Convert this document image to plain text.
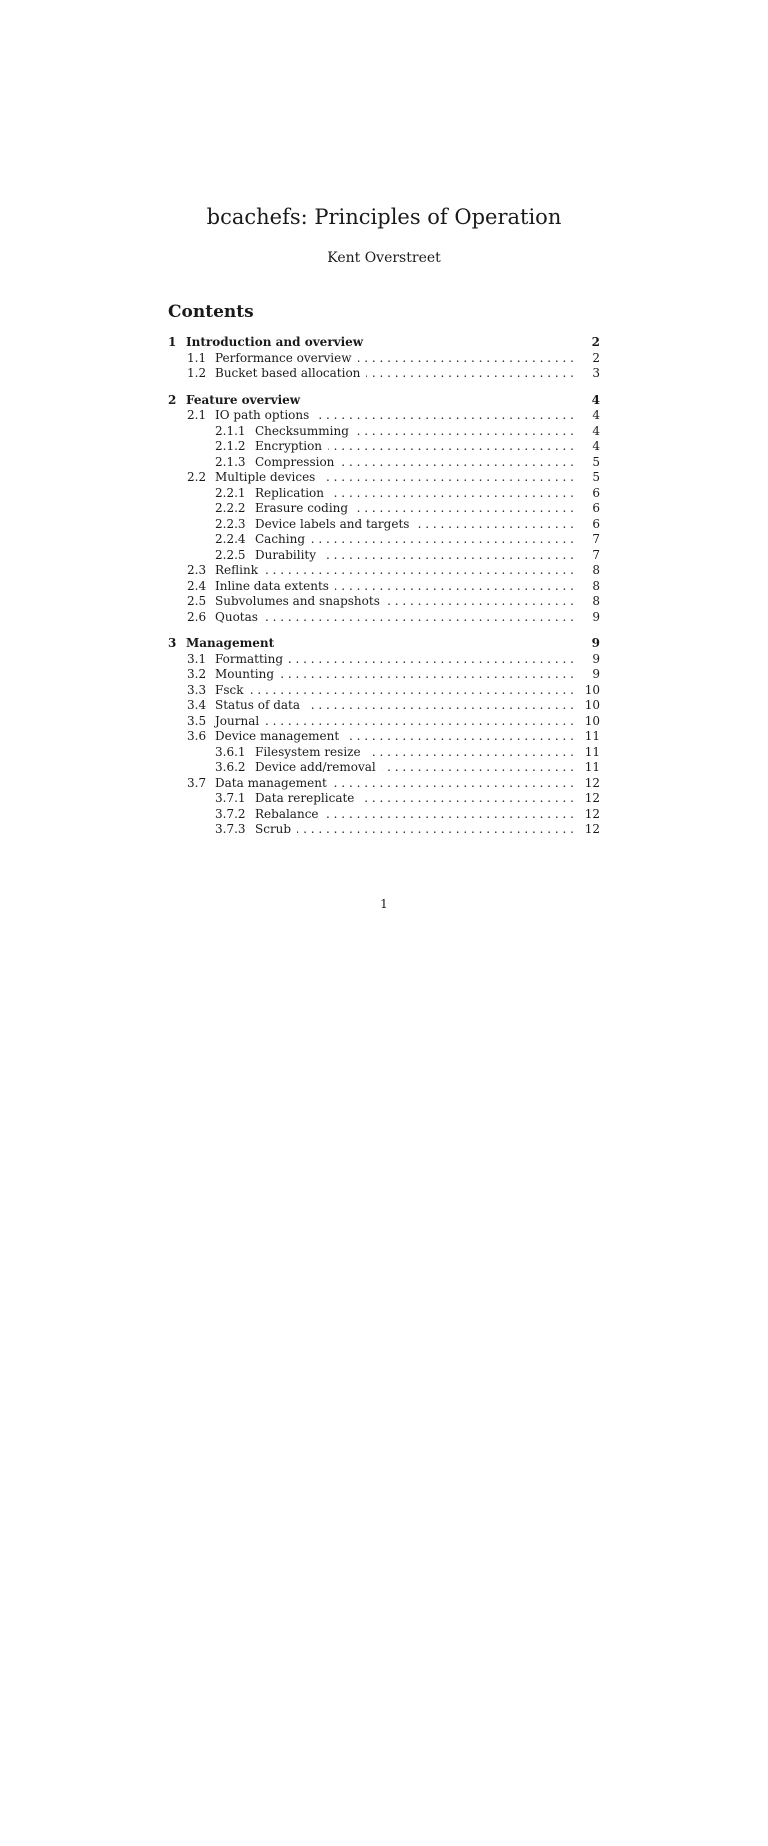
bcachefs: Principles of Operation
Kent Overstreet
Contents
1 Introduction and overview	2
1.1 Performance overview . . .	2
1.2 Bucket based allocation . . .	3
2 Feature overview	4
2.1 IO path options . . .	4
2.1.1 Checksumming . . .	4
2.1.2 Encryption . . .	4
2.1.3 Compression . . .	5
2.2 Multiple devices . . .	5
2.2.1 Replication . . .	6
2.2.2 Erasure coding . . .	6
2.2.3 Device labels and targets . . .	6
2.2.4 Caching . . .	7
2.2.5 Durability . . .	7
2.3 Reflink . . .	8
2.4 Inline data extents . . .	8
2.5 Subvolumes and snapshots . . .	8
2.6 Quotas . . .	9
3 Management	9
3.1 Formatting . . .	9
3.2 Mounting . . .	9
3.3 Fsck . . .	10
3.4 Status of data . . .	10
3.5 Journal . . .	10
3.6 Device management . . .	11
3.6.1 Filesystem resize . . .	11
3.6.2 Device add/removal . . .	11
3.7 Data management . . .	12
3.7.1 Data rereplicate . . .	12
3.7.2 Rebalance . . .	12
3.7.3 Scrub . . .	12
1
